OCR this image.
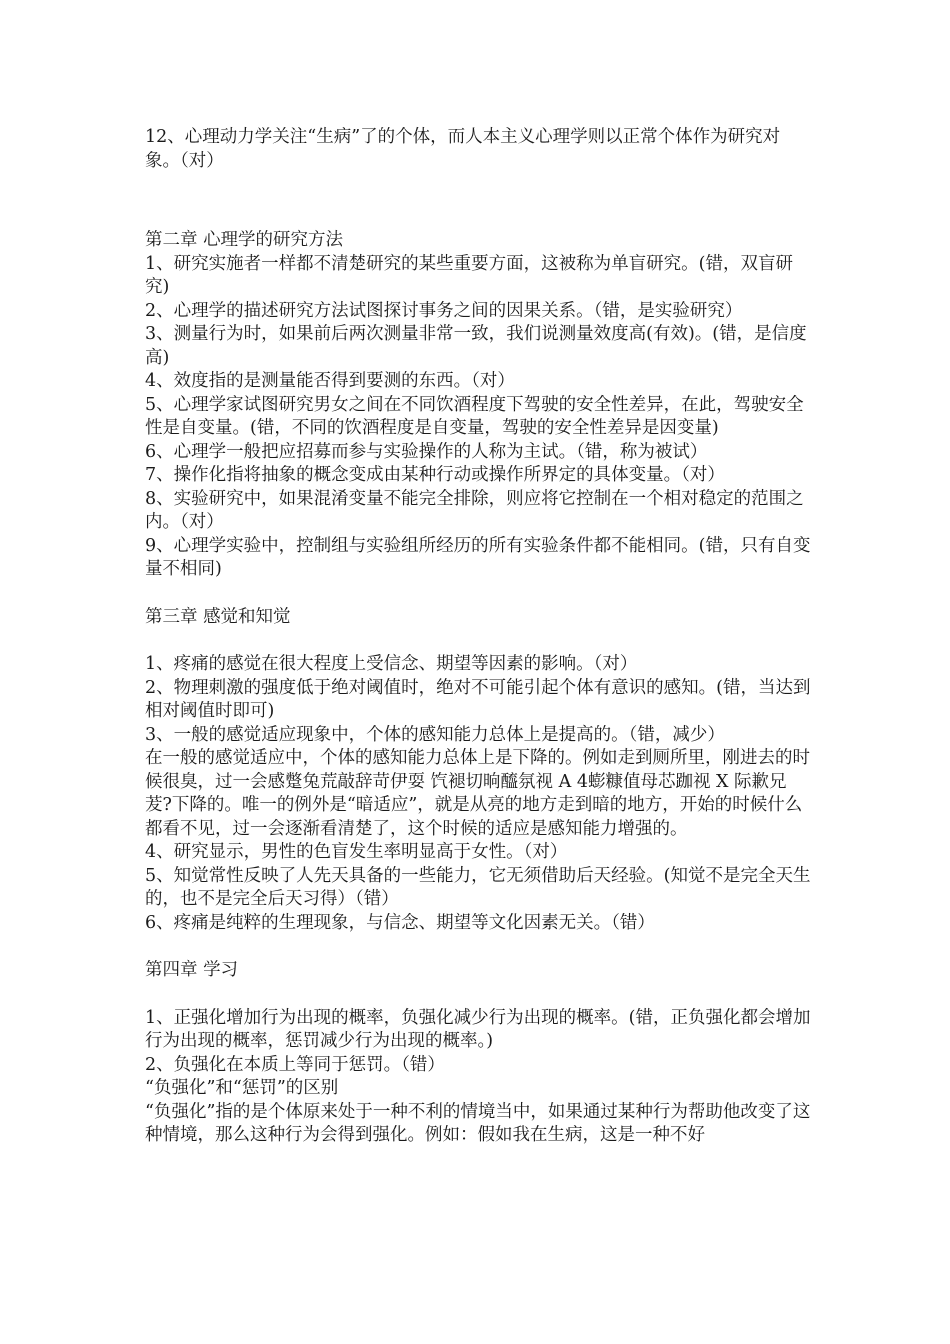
12、心理动力学关注“生病”了的个体，而人本主义心理学则以正常个体作为研究对象。（对）

第二章 心理学的研究方法

1、研究实施者一样都不清楚研究的某些重要方面，这被称为单盲研究。(错，双盲研究)

2、心理学的描述研究方法试图探讨事务之间的因果关系。（错，是实验研究）

3、测量行为时，如果前后两次测量非常一致，我们说测量效度高(有效)。(错，是信度高)

4、效度指的是测量能否得到要测的东西。（对）

5、心理学家试图研究男女之间在不同饮酒程度下驾驶的安全性差异，在此，驾驶安全性是自变量。(错，不同的饮酒程度是自变量，驾驶的安全性差异是因变量)

6、心理学一般把应招募而参与实验操作的人称为主试。（错，称为被试）

7、操作化指将抽象的概念变成由某种行动或操作所界定的具体变量。（对）

8、实验研究中，如果混淆变量不能完全排除，则应将它控制在一个相对稳定的范围之内。（对）

9、心理学实验中，控制组与实验组所经历的所有实验条件都不能相同。(错，只有自变量不相同)

第三章 感觉和知觉

1、疼痛的感觉在很大程度上受信念、期望等因素的影响。（对）

2、物理刺激的强度低于绝对阈值时，绝对不可能引起个体有意识的感知。(错，当达到相对阈值时即可)

3、一般的感觉适应现象中，个体的感知能力总体上是提高的。（错，减少）

在一般的感觉适应中，个体的感知能力总体上是下降的。例如走到厕所里，刚进去的时候很臭，过一会感蹩兔荒敲辞苛伊耍 饩褪切晌醯氛视 A 4蟛糠值母芯跏视 X 际歉兄 茇?下降的。唯一的例外是“暗适应”，就是从亮的地方走到暗的地方，开始的时候什么都看不见，过一会逐渐看清楚了，这个时候的适应是感知能力增强的。

4、研究显示，男性的色盲发生率明显高于女性。（对）

5、知觉常性反映了人先天具备的一些能力，它无须借助后天经验。(知觉不是完全天生的，也不是完全后天习得）（错）

6、疼痛是纯粹的生理现象，与信念、期望等文化因素无关。（错）

第四章 学习

1、正强化增加行为出现的概率，负强化减少行为出现的概率。(错，正负强化都会增加行为出现的概率，惩罚减少行为出现的概率。)

2、负强化在本质上等同于惩罚。（错）

“负强化”和“惩罚”的区别

“负强化”指的是个体原来处于一种不利的情境当中，如果通过某种行为帮助他改变了这种情境，那么这种行为会得到强化。例如：假如我在生病，这是一种不好
